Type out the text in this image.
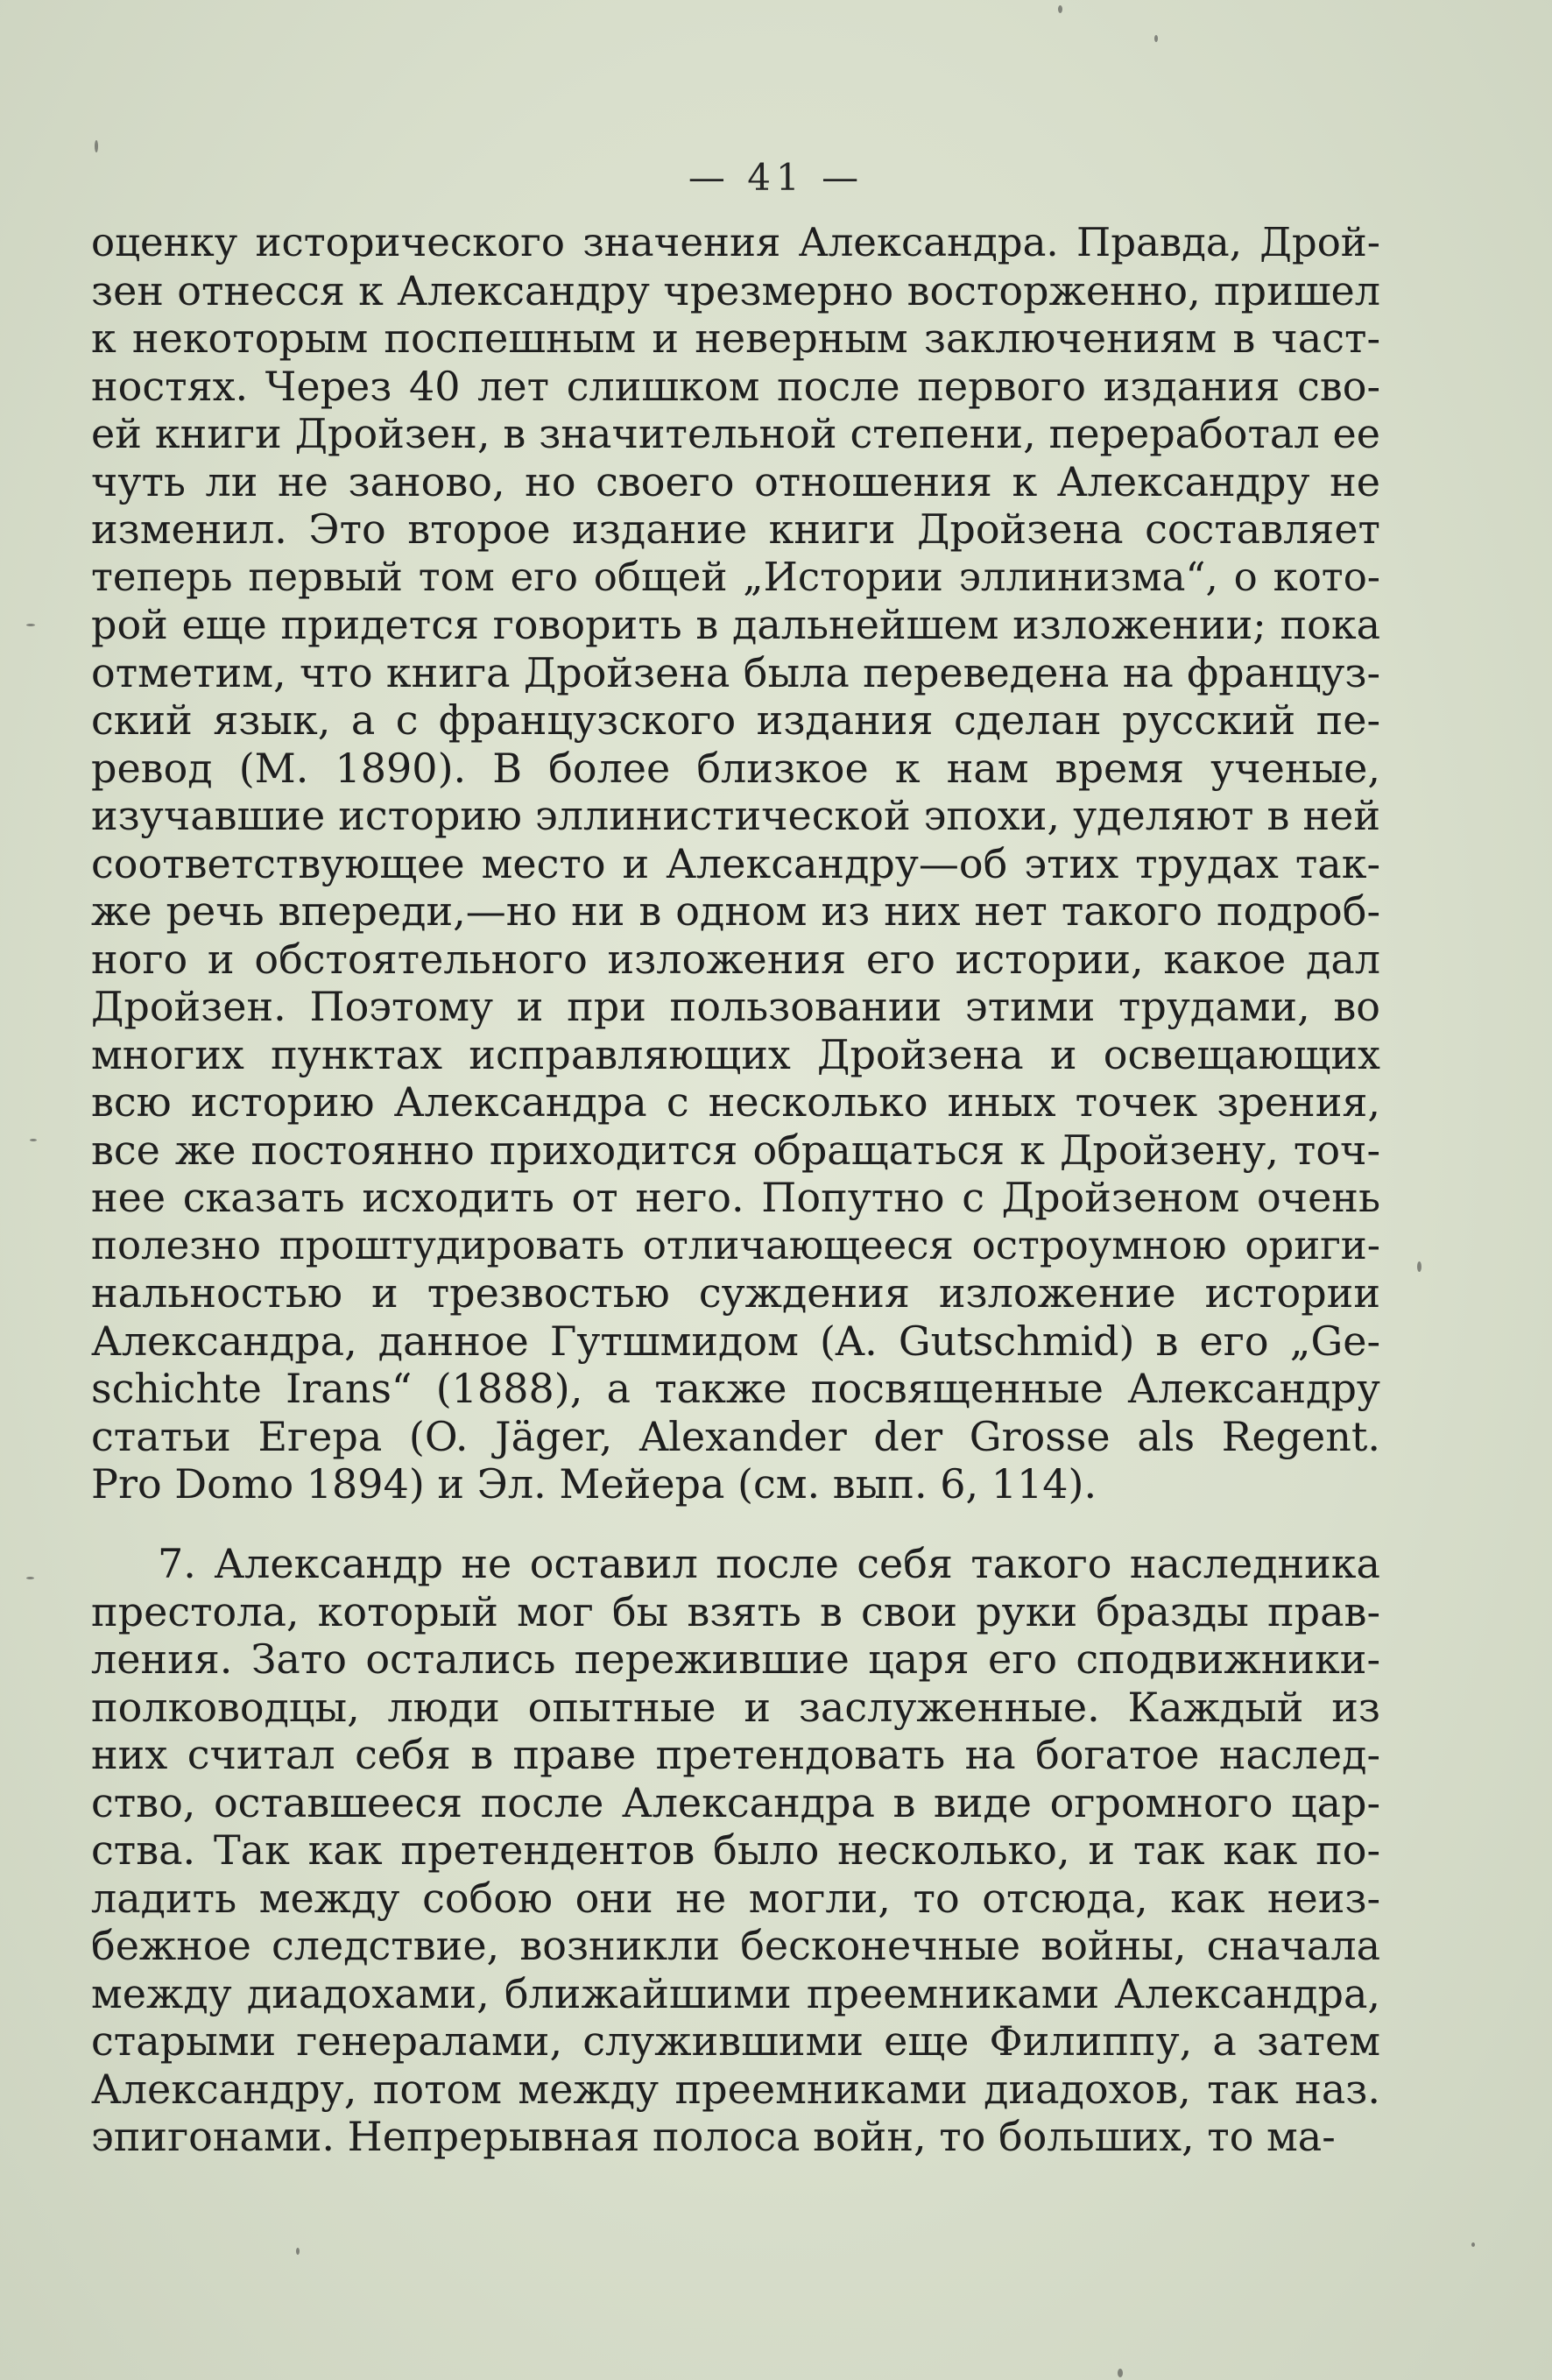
— 41 —
оценку исторического значения Александра. Правда, Дрой-
зен отнесся к Александру чрезмерно восторженно, пришел
к некоторым поспешным и неверным заключениям в част-
ностях. Через 40 лет слишком после первого издания сво-
ей книги Дройзен, в значительной степени, переработал ее
чуть ли не заново, но своего отношения к Александру не
изменил. Это второе издание книги Дройзена составляет
теперь первый том его общей „Истории эллинизма“, о кото-
рой еще придется говорить в дальнейшем изложении; пока
отметим, что книга Дройзена была переведена на француз-
ский язык, а с французского издания сделан русский пе-
ревод (М. 1890). В более близкое к нам время ученые,
изучавшие историю эллинистической эпохи, уделяют в ней
соответствующее место и Александру—об этих трудах так-
же речь впереди,—но ни в одном из них нет такого подроб-
ного и обстоятельного изложения его истории, какое дал
Дройзен. Поэтому и при пользовании этими трудами, во
многих пунктах исправляющих Дройзена и освещающих
всю историю Александра с несколько иных точек зрения,
все же постоянно приходится обращаться к Дройзену, точ-
нее сказать исходить от него. Попутно с Дройзеном очень
полезно проштудировать отличающееся остроумною ориги-
нальностью и трезвостью суждения изложение истории
Александра, данное Гутшмидом (A. Gutschmid) в его „Ge-
schichte Irans“ (1888), а также посвященные Александру
статьи Егера (O. Jäger, Alexander der Grosse als Regent.
Pro Domo 1894) и Эл. Мейера (см. вып. 6, 114).
7. Александр не оставил после себя такого наследника
престола, который мог бы взять в свои руки бразды прав-
ления. Зато остались пережившие царя его сподвижники-
полководцы, люди опытные и заслуженные. Каждый из
них считал себя в праве претендовать на богатое наслед-
ство, оставшееся после Александра в виде огромного цар-
ства. Так как претендентов было несколько, и так как по-
ладить между собою они не могли, то отсюда, как неиз-
бежное следствие, возникли бесконечные войны, сначала
между диадохами, ближайшими преемниками Александра,
старыми генералами, служившими еще Филиппу, а затем
Александру, потом между преемниками диадохов, так наз.
эпигонами. Непрерывная полоса войн, то больших, то ма-
